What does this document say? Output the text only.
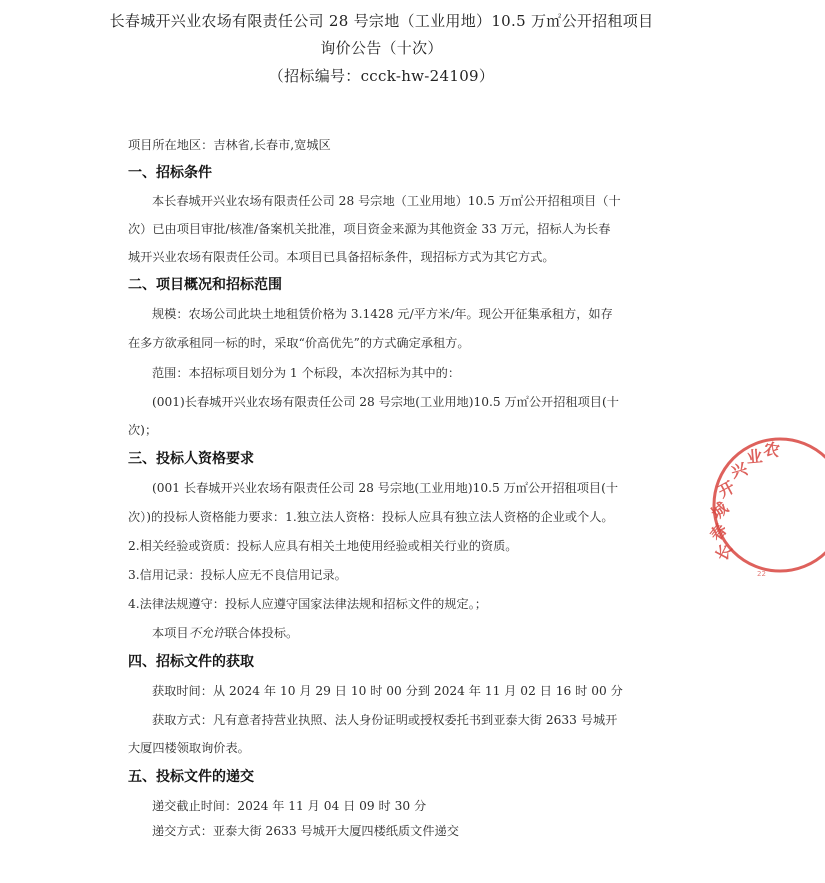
长春城开兴业农场有限责任公司 28 号宗地（工业用地）10.5 万㎡公开招租项目
询价公告（十次）
（招标编号：ccck-hw-24109）
项目所在地区：吉林省,长春市,宽城区
一、招标条件
本长春城开兴业农场有限责任公司 28 号宗地（工业用地）10.5 万㎡公开招租项目（十
次）已由项目审批/核准/备案机关批准，项目资金来源为其他资金 33 万元，招标人为长春
城开兴业农场有限责任公司。本项目已具备招标条件，现招标方式为其它方式。
二、项目概况和招标范围
规模：农场公司此块土地租赁价格为 3.1428 元/平方米/年。现公开征集承租方，如存
在多方欲承租同一标的时，采取“价高优先”的方式确定承租方。
范围：本招标项目划分为 1 个标段，本次招标为其中的：
(001)长春城开兴业农场有限责任公司 28 号宗地(工业用地)10.5 万㎡公开招租项目(十
次)；
三、投标人资格要求
(001 长春城开兴业农场有限责任公司 28 号宗地(工业用地)10.5 万㎡公开招租项目(十
次）)的投标人资格能力要求：1.独立法人资格：投标人应具有独立法人资格的企业或个人。
2.相关经验或资质：投标人应具有相关土地使用经验或相关行业的资质。
3.信用记录：投标人应无不良信用记录。
4.法律法规遵守：投标人应遵守国家法律法规和招标文件的规定。；
本项目不允许联合体投标。
四、招标文件的获取
获取时间：从 2024 年 10 月 29 日 10 时 00 分到 2024 年 11 月 02 日 16 时 00 分
获取方式：凡有意者持营业执照、法人身份证明或授权委托书到亚泰大街 2633 号城开
大厦四楼领取询价表。
五、投标文件的递交
递交截止时间：2024 年 11 月 04 日 09 时 30 分
递交方式：亚泰大街 2633 号城开大厦四楼纸质文件递交
长
春
城
开
兴
业 农
22
